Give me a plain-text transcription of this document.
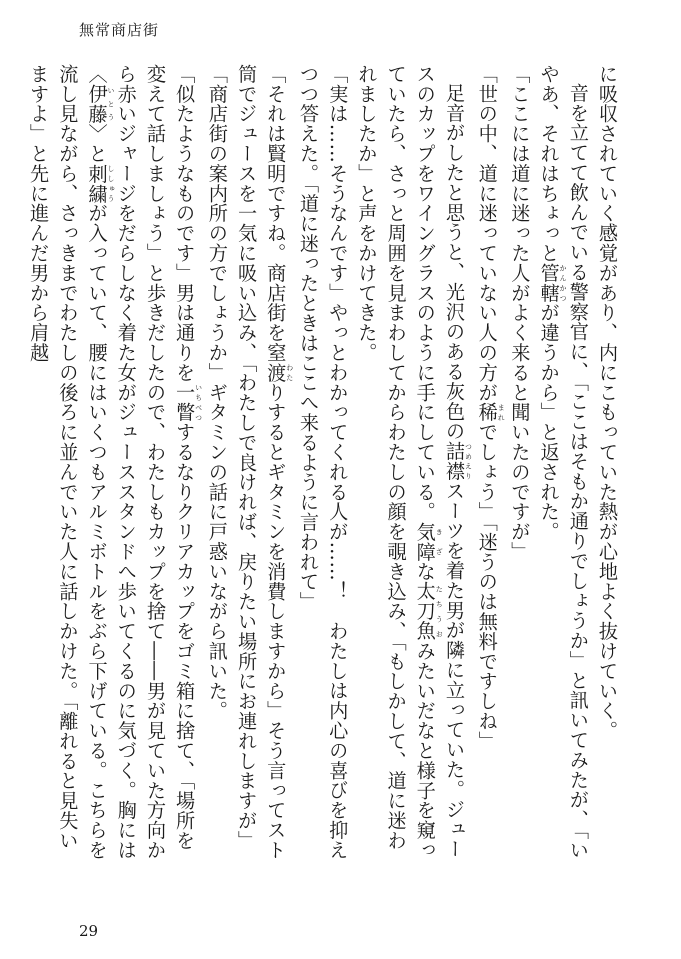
無常商店街

に吸収されていく感覚があり、内にこもっていた熱が心地よく抜けていく。

音を立てて飲んでいる警察官に、「ここはそもか通りでしょうか」と訊いてみたが、「いやあ、それはちょっと管轄かんかつが違うから」と返された。

「ここには道に迷った人がよく来ると聞いたのですが」

「世の中、道に迷っていない人の方が稀まれでしょう」「迷うのは無料ですしね」

足音がしたと思うと、光沢のある灰色の詰襟つめえりスーツを着た男が隣に立っていた。ジュースのカップをワイングラスのように手にしている。気障きざな太刀魚たちうおみたいだなと様子を窺っていたら、さっと周囲を見まわしてからわたしの顔を覗き込み、「もしかして、道に迷われましたか」と声をかけてきた。

「実は……そうなんです」やっとわかってくれる人が……！　わたしは内心の喜びを抑えつつ答えた。「道に迷ったときはここへ来るように言われて」

「それは賢明ですね。商店街を窒渡わたりするとギタミンを消費しますから」そう言ってスト筒でジュースを一気に吸い込み、「わたしで良ければ、戻りたい場所にお連れしますが」

「商店街の案内所の方でしょうか」ギタミンの話に戸惑いながら訊いた。

「似たようなものです」男は通りを一瞥いちべつするなりクリアカップをゴミ箱に捨て、「場所を変えて話しましょう」と歩きだしたので、わたしもカップを捨て――男が見ていた方向から赤いジャージをだらしなく着た女がジューススタンドへ歩いてくるのに気づく。胸には〈伊藤いとう〉と刺繍ししゅうが入っていて、腰にはいくつもアルミボトルをぶら下げている。こちらを流し見ながら、さっきまでわたしの後ろに並んでいた人に話しかけた。「離れると見失いますよ」と先に進んだ男から肩越

29
